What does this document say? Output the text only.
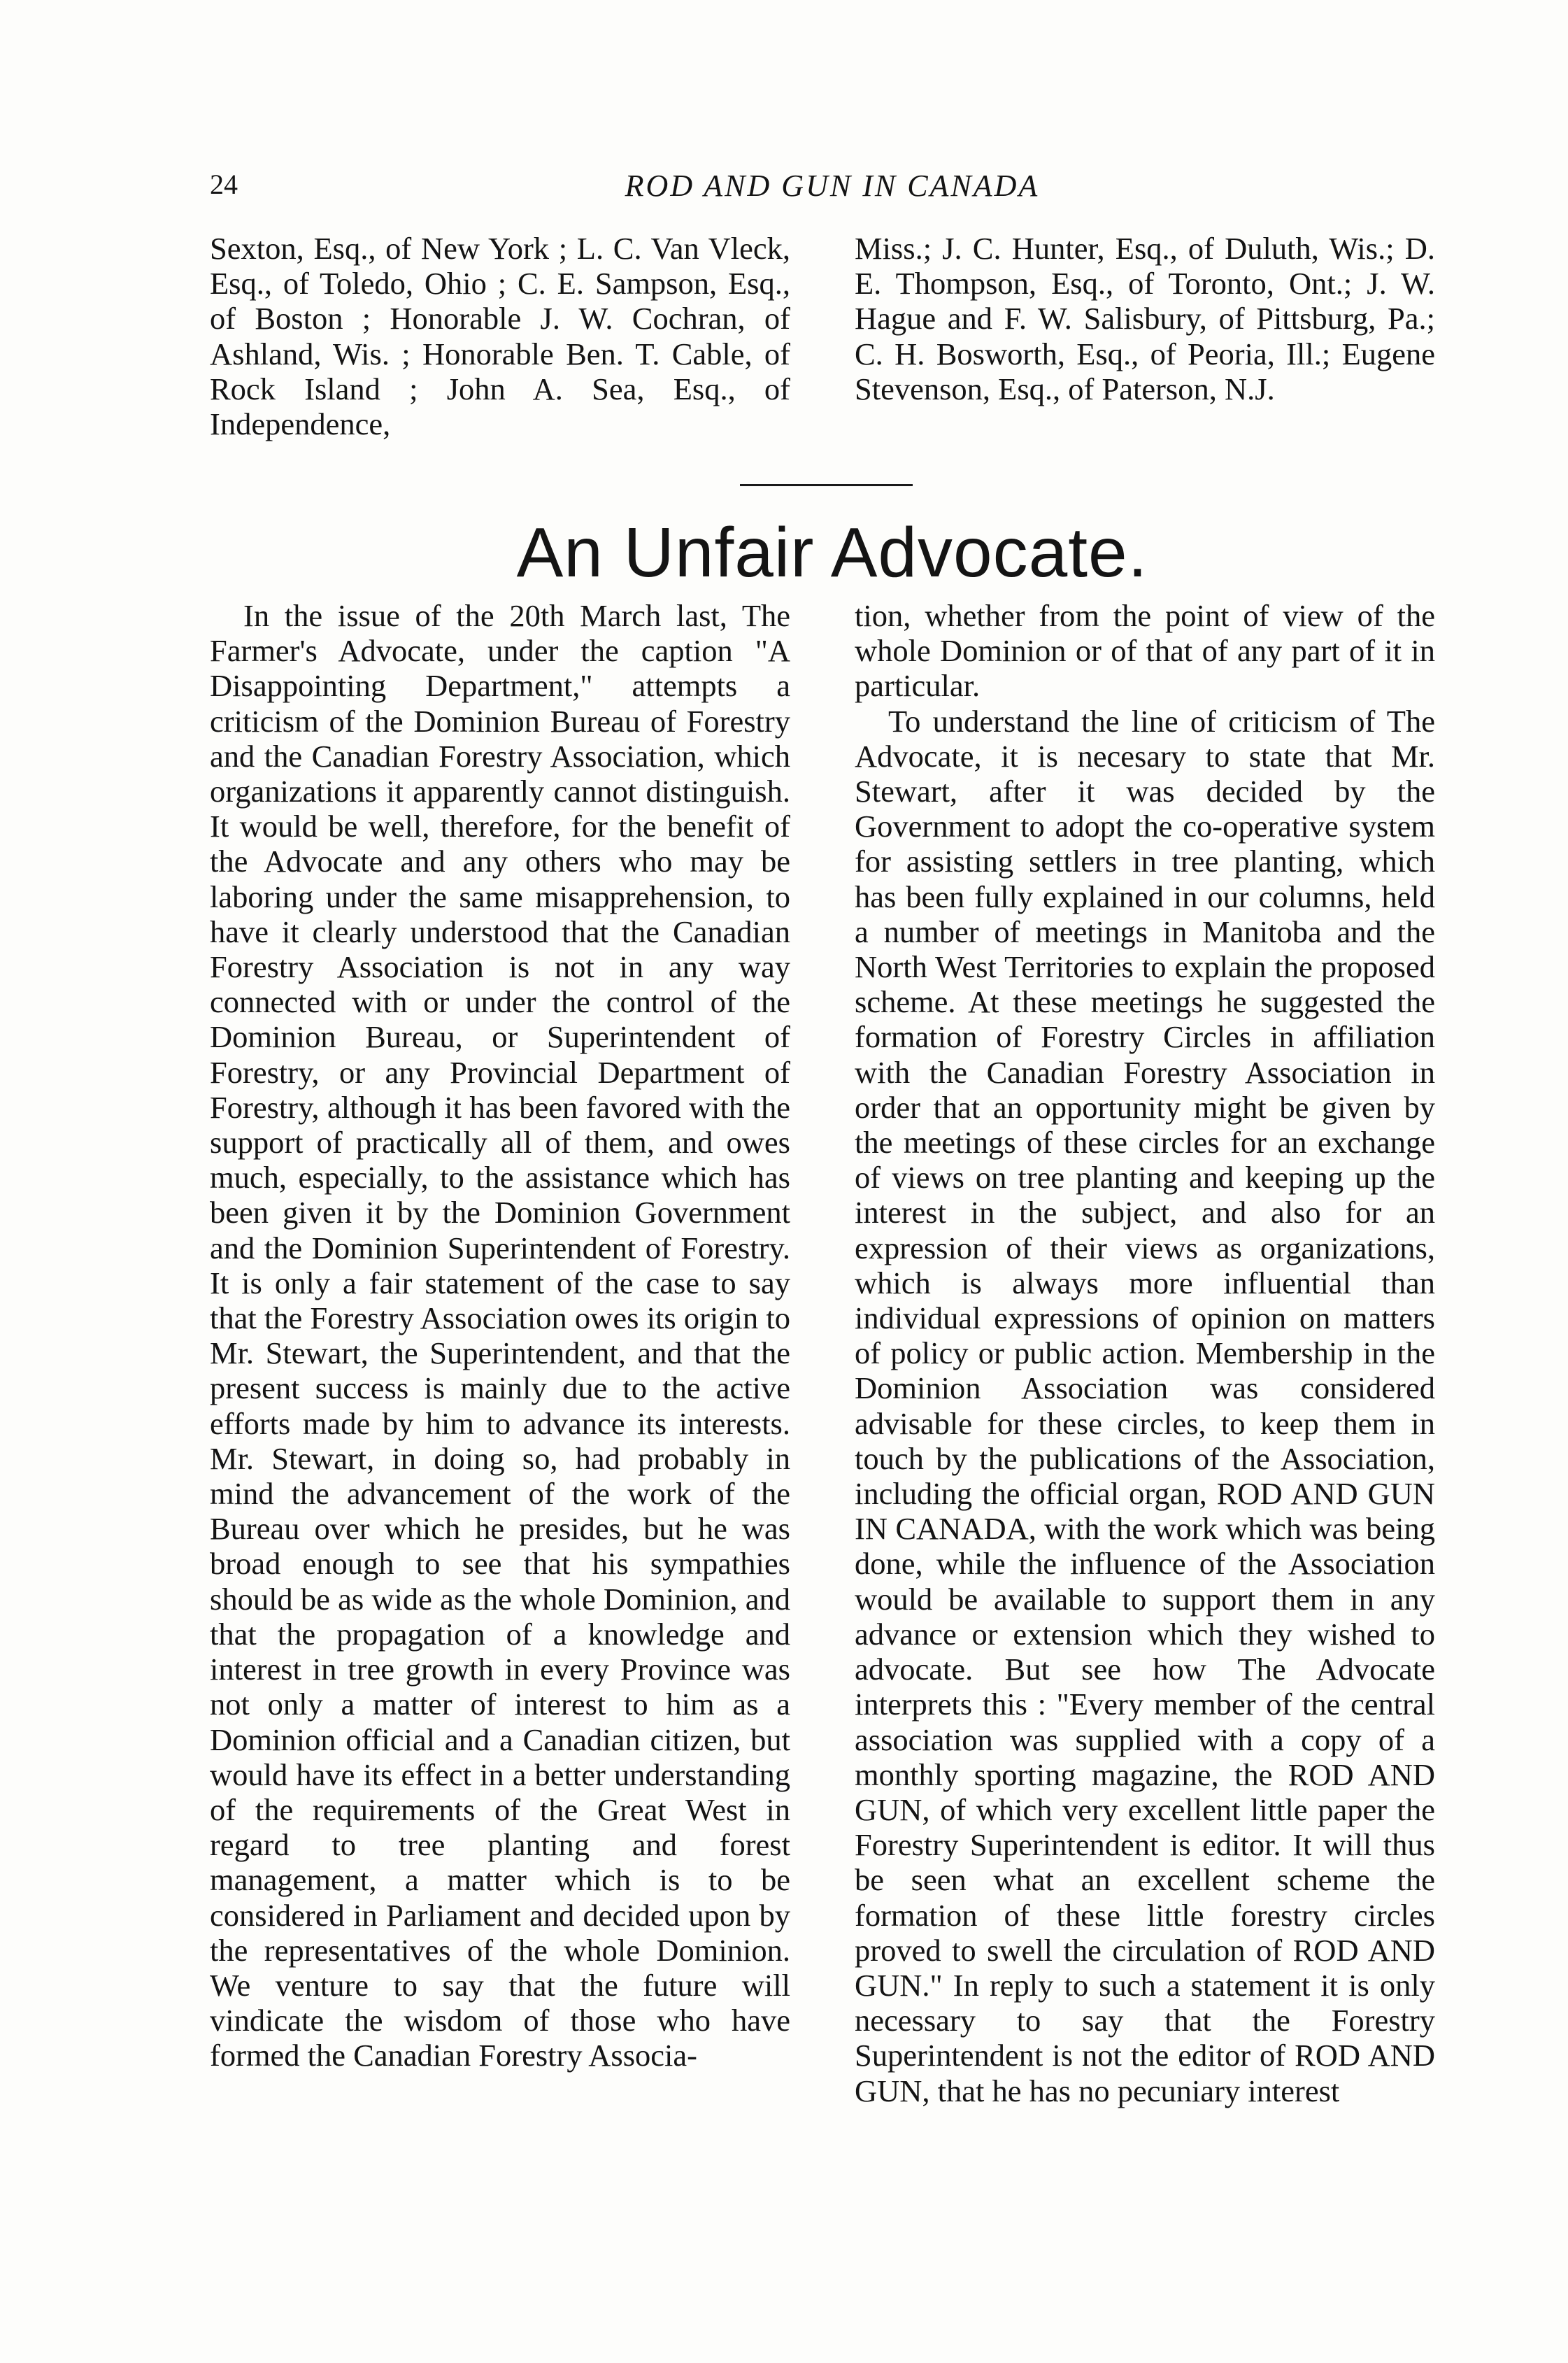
24	ROD AND GUN IN CANADA

Sexton, Esq., of New York ; L. C. Van Vleck, Esq., of Toledo, Ohio ; C. E. Sampson, Esq., of Boston ; Honorable J. W. Cochran, of Ashland, Wis. ; Honorable Ben. T. Cable, of Rock Island ; John A. Sea, Esq., of Independence,

Miss.; J. C. Hunter, Esq., of Duluth, Wis.; D. E. Thompson, Esq., of Toronto, Ont.; J. W. Hague and F. W. Salisbury, of Pittsburg, Pa.; C. H. Bosworth, Esq., of Peoria, Ill.; Eugene Stevenson, Esq., of Paterson, N.J.

An Unfair Advocate.

In the issue of the 20th March last, The Farmer's Advocate, under the caption "A Disappointing Department," attempts a criticism of the Dominion Bureau of Forestry and the Canadian Forestry Association, which organizations it apparently cannot distinguish. It would be well, therefore, for the benefit of the Advocate and any others who may be laboring under the same misapprehension, to have it clearly understood that the Canadian Forestry Association is not in any way connected with or under the control of the Dominion Bureau, or Superintendent of Forestry, or any Provincial Department of Forestry, although it has been favored with the support of practically all of them, and owes much, especially, to the assistance which has been given it by the Dominion Government and the Dominion Superintendent of Forestry. It is only a fair statement of the case to say that the Forestry Association owes its origin to Mr. Stewart, the Superintendent, and that the present success is mainly due to the active efforts made by him to advance its interests. Mr. Stewart, in doing so, had probably in mind the advancement of the work of the Bureau over which he presides, but he was broad enough to see that his sympathies should be as wide as the whole Dominion, and that the propagation of a knowledge and interest in tree growth in every Province was not only a matter of interest to him as a Dominion official and a Canadian citizen, but would have its effect in a better understanding of the requirements of the Great West in regard to tree planting and forest management, a matter which is to be considered in Parliament and decided upon by the representatives of the whole Dominion. We venture to say that the future will vindicate the wisdom of those who have formed the Canadian Forestry Associa-

tion, whether from the point of view of the whole Dominion or of that of any part of it in particular.

To understand the line of criticism of The Advocate, it is necesary to state that Mr. Stewart, after it was decided by the Government to adopt the co-operative system for assisting settlers in tree planting, which has been fully explained in our columns, held a number of meetings in Manitoba and the North West Territories to explain the proposed scheme. At these meetings he suggested the formation of Forestry Circles in affiliation with the Canadian Forestry Association in order that an opportunity might be given by the meetings of these circles for an exchange of views on tree planting and keeping up the interest in the subject, and also for an expression of their views as organizations, which is always more influential than individual expressions of opinion on matters of policy or public action. Membership in the Dominion Association was considered advisable for these circles, to keep them in touch by the publications of the Association, including the official organ, ROD AND GUN IN CANADA, with the work which was being done, while the influence of the Association would be available to support them in any advance or extension which they wished to advocate. But see how The Advocate interprets this : "Every member of the central association was supplied with a copy of a monthly sporting magazine, the ROD AND GUN, of which very excellent little paper the Forestry Superintendent is editor. It will thus be seen what an excellent scheme the formation of these little forestry circles proved to swell the circulation of ROD AND GUN." In reply to such a statement it is only necessary to say that the Forestry Superintendent is not the editor of ROD AND GUN, that he has no pecuniary interest
